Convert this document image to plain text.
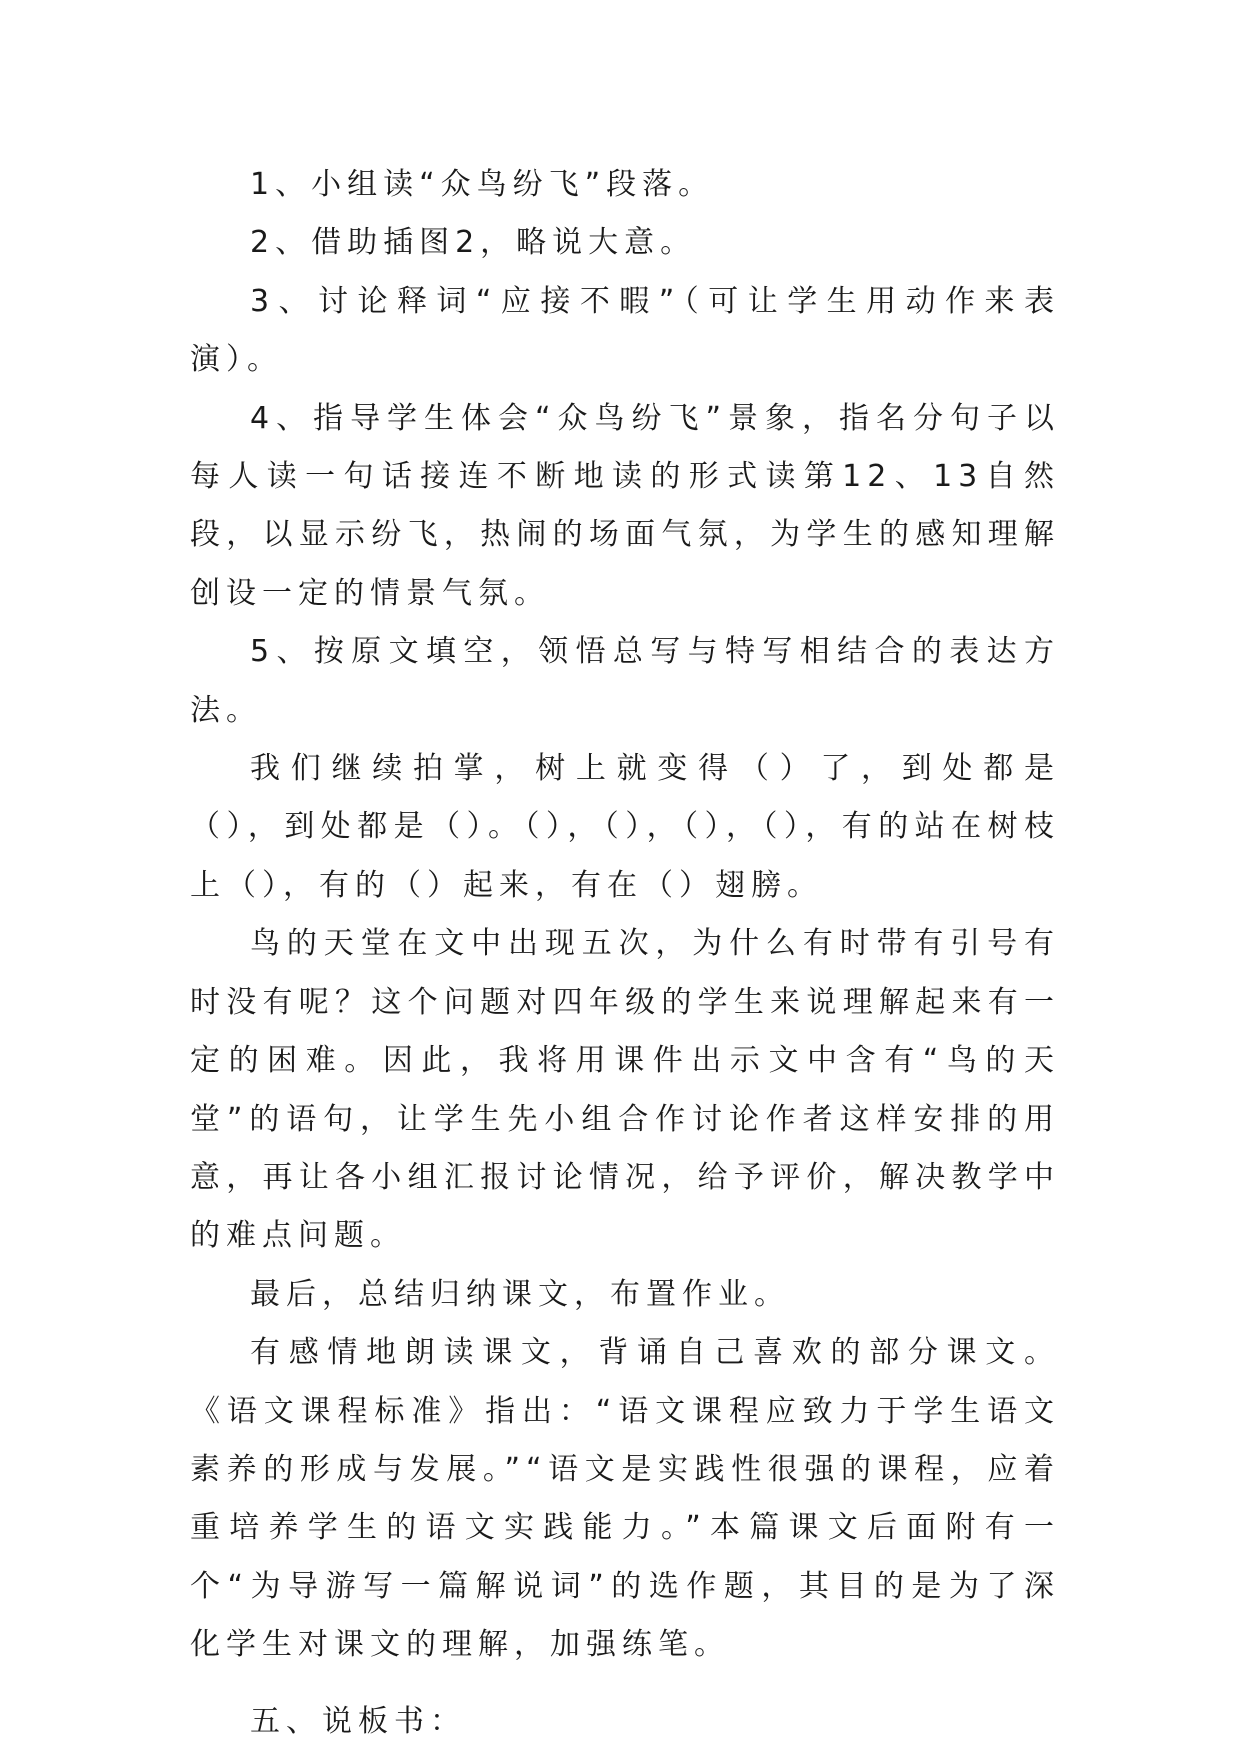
1、小组读“众鸟纷飞”段落。

2、借助插图2，略说大意。

3、讨论释词“应接不暇”（可让学生用动作来表演）。

4、指导学生体会“众鸟纷飞”景象，指名分句子以每人读一句话接连不断地读的形式读第12、13自然段，以显示纷飞，热闹的场面气氛，为学生的感知理解创设一定的情景气氛。

5、按原文填空，领悟总写与特写相结合的表达方法。

我们继续拍掌，树上就变得（）了，到处都是（），到处都是（）。（），（），（），（），有的站在树枝上（），有的（）起来，有在（）翅膀。

鸟的天堂在文中出现五次，为什么有时带有引号有时没有呢？这个问题对四年级的学生来说理解起来有一定的困难。因此，我将用课件出示文中含有“鸟的天堂”的语句，让学生先小组合作讨论作者这样安排的用意，再让各小组汇报讨论情况，给予评价，解决教学中的难点问题。

最后，总结归纳课文，布置作业。

有感情地朗读课文，背诵自己喜欢的部分课文。《语文课程标准》指出：“语文课程应致力于学生语文素养的形成与发展。”“语文是实践性很强的课程，应着重培养学生的语文实践能力。”本篇课文后面附有一个“为导游写一篇解说词”的选作题，其目的是为了深化学生对课文的理解，加强练笔。

五、说板书：
